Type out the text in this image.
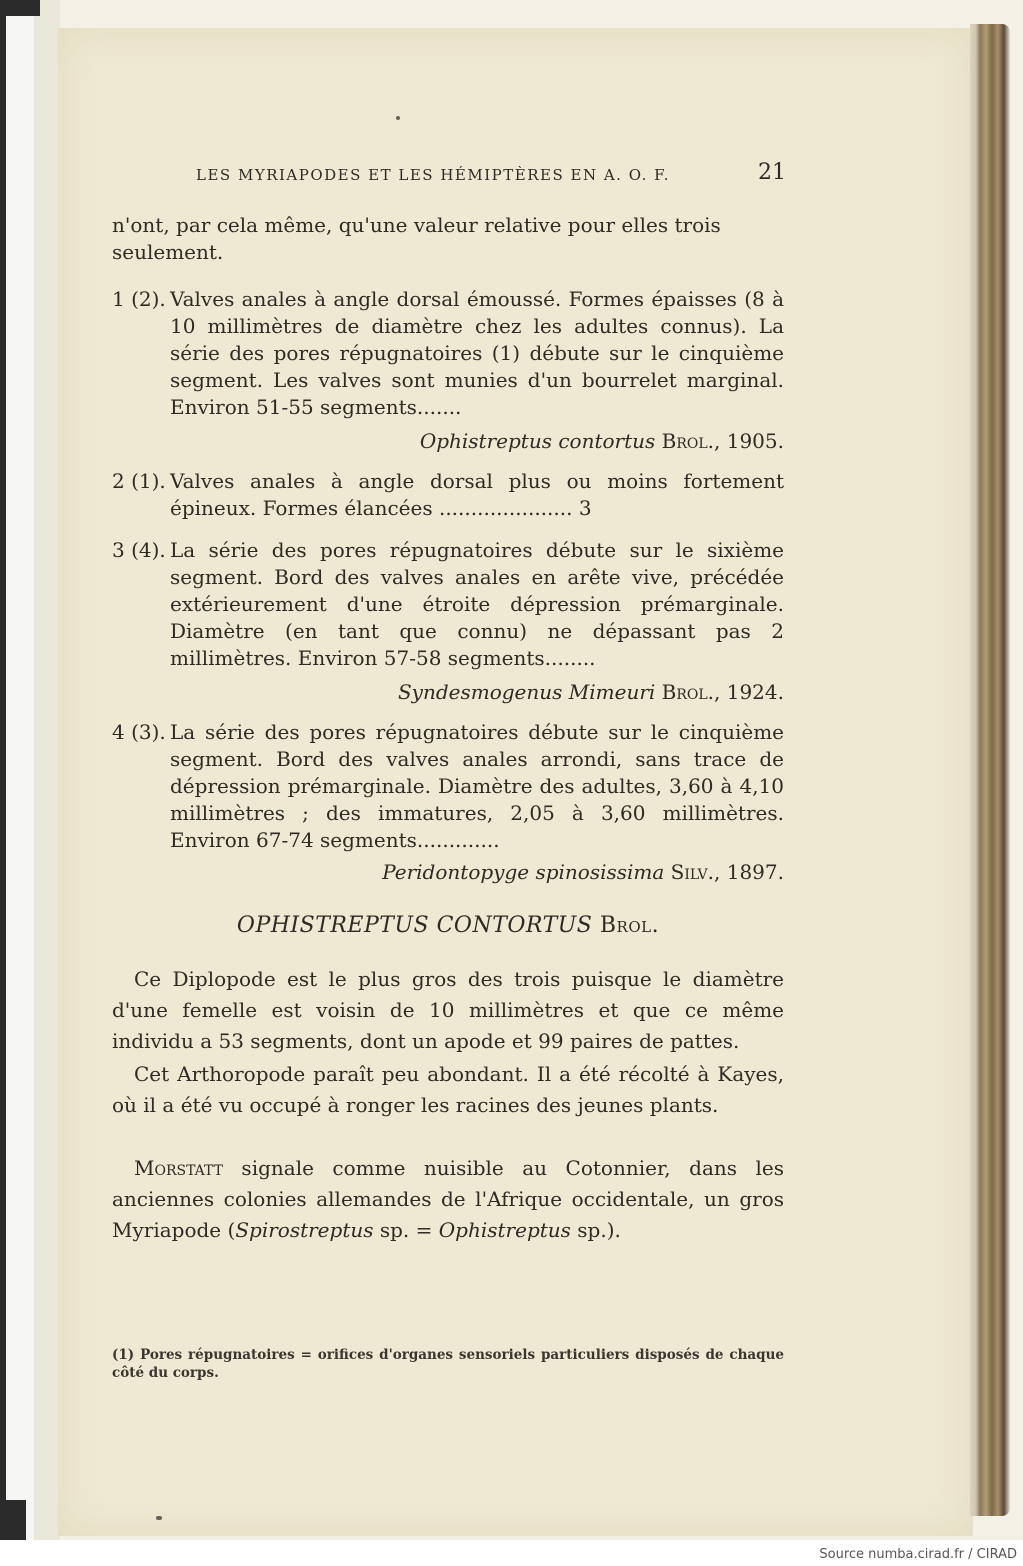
LES MYRIAPODES ET LES HÉMIPTÈRES EN A. O. F.	21
n'ont, par cela même, qu'une valeur relative pour elles trois
seulement.
1 (2). Valves anales à angle dorsal émoussé. Formes épaisses (8 à 10 millimètres de diamètre chez les adultes connus). La série des pores répugnatoires (1) débute sur le cinquième segment. Les valves sont munies d'un bourrelet marginal. Environ 51-55 segments.......
Ophistreptus contortus Brol., 1905.
2 (1). Valves anales à angle dorsal plus ou moins fortement épineux. Formes élancées ..................... 3
3 (4). La série des pores répugnatoires débute sur le sixième segment. Bord des valves anales en arête vive, précédée extérieurement d'une étroite dépression prémarginale. Diamètre (en tant que connu) ne dépassant pas 2 millimètres. Environ 57-58 segments........
Syndesmogenus Mimeuri Brol., 1924.
4 (3). La série des pores répugnatoires débute sur le cinquième segment. Bord des valves anales arrondi, sans trace de dépression prémarginale. Diamètre des adultes, 3,60 à 4,10 millimètres ; des immatures, 2,05 à 3,60 millimètres. Environ 67-74 segments.............
Peridontopyge spinosissima Silv., 1897.
OPHISTREPTUS CONTORTUS Brol.
Ce Diplopode est le plus gros des trois puisque le diamètre d'une femelle est voisin de 10 millimètres et que ce même individu a 53 segments, dont un apode et 99 paires de pattes.
Cet Arthoropode paraît peu abondant. Il a été récolté à Kayes, où il a été vu occupé à ronger les racines des jeunes plants.
Morstatt signale comme nuisible au Cotonnier, dans les anciennes colonies allemandes de l'Afrique occidentale, un gros Myriapode (Spirostreptus sp. = Ophistreptus sp.).
(1) Pores répugnatoires = orifices d'organes sensoriels particuliers disposés de chaque côté du corps.
Source numba.cirad.fr / CIRAD
